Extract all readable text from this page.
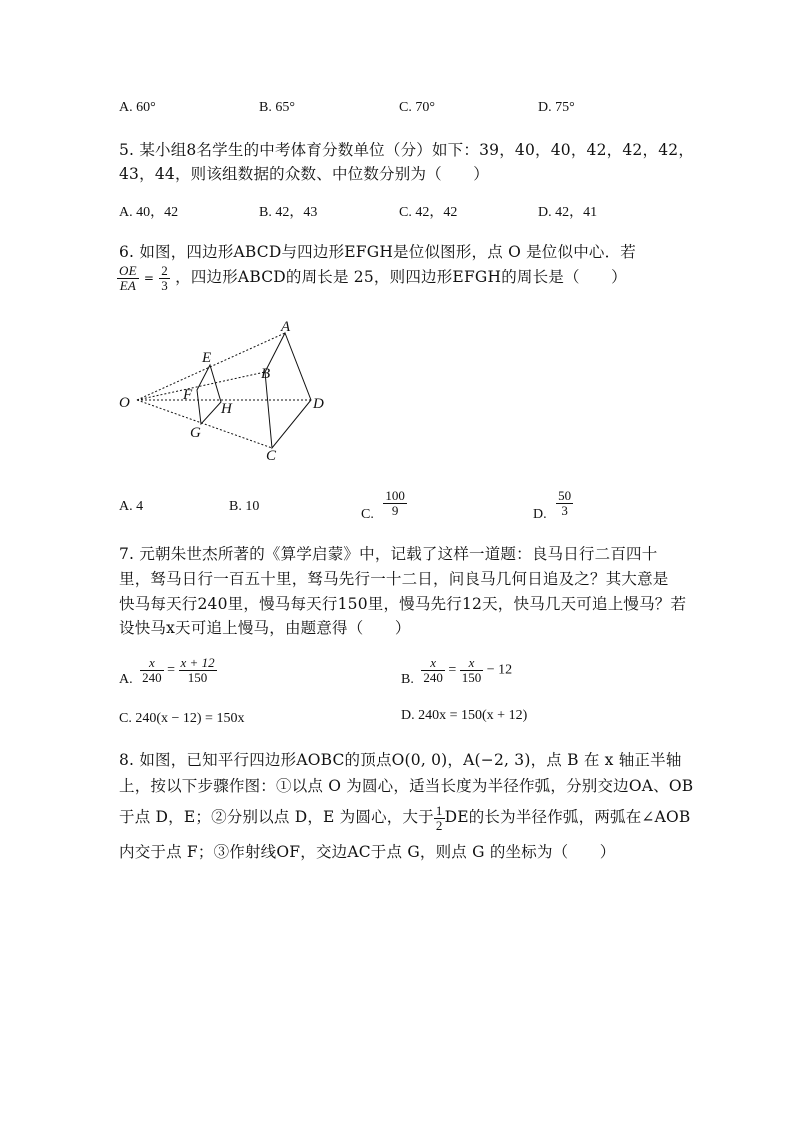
A. 60°	B. 65°	C. 70°	D. 75°
5. 某小组8名学生的中考体育分数单位（分）如下：39，40，40，42，42，42，
43，44，则该组数据的众数、中位数分别为（　　）
A. 40，42	B. 42，43	C. 42，42	D. 42，41
6. 如图，四边形ABCD与四边形EFGH是位似图形，点 O 是位似中心．若
$\frac{OE}{EA} = \frac{2}{3}$ ，四边形ABCD的周长是 25，则四边形EFGH的周长是（　　）
O
A
B
C
D
E
F
G
H
A. 4	B. 10
C. $\frac{100}{9}$	D. $\frac{50}{3}$
7. 元朝朱世杰所著的《算学启蒙》中，记载了这样一道题：良马日行二百四十
里，驽马日行一百五十里，驽马先行一十二日，问良马几何日追及之？其大意是
快马每天行240里，慢马每天行150里，慢马先行12天，快马几天可追上慢马？若
设快马x天可追上慢马，由题意得（　　）
A. $\frac{x}{240} = \frac{x + 12}{150}$	B. $\frac{x}{240} = \frac{x}{150} - 12$
C. 240(x − 12) = 150x	D. 240x = 150(x + 12)
8. 如图，已知平行四边形AOBC的顶点O(0, 0)，A(−2, 3)，点 B 在 x 轴正半轴
上，按以下步骤作图：①以点 O 为圆心，适当长度为半径作弧，分别交边OA、OB
于点 D，E；②分别以点 D，E 为圆心，大于 $\frac{1}{2}$ DE的长为半径作弧，两弧在∠AOB
内交于点 F；③作射线OF，交边AC于点 G，则点 G 的坐标为（　　）
